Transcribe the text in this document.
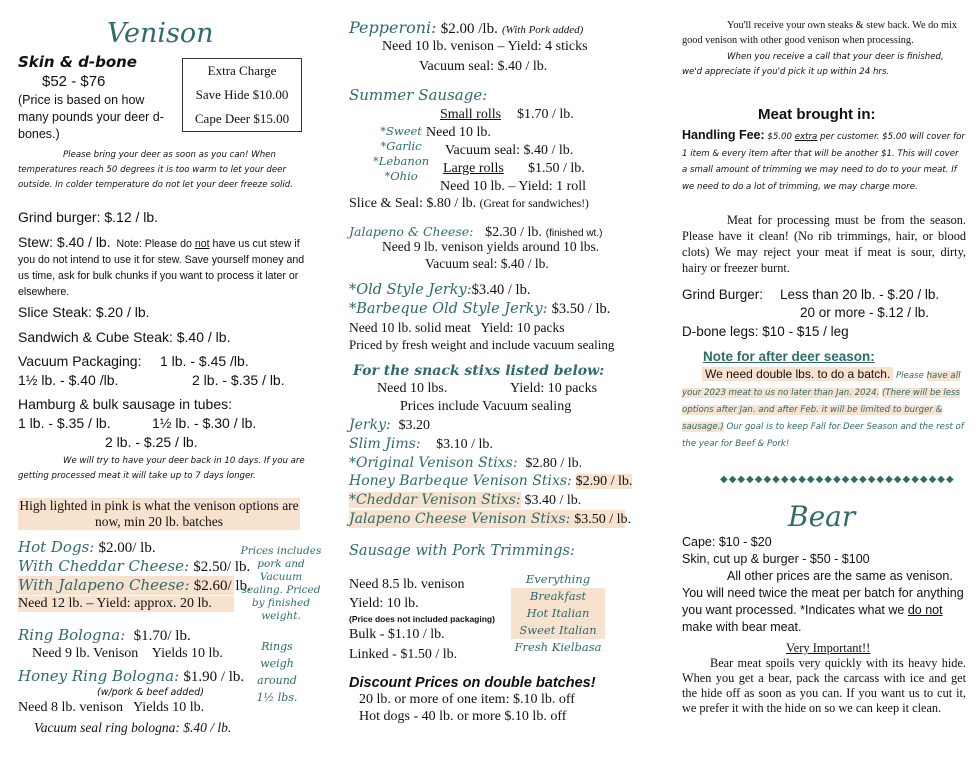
Venison
Skin & d-bone
$52 - $76
(Price is based on how many pounds your deer d-bones.)
Extra Charge
Save Hide $10.00
Cape Deer $15.00
Please bring your deer as soon as you can! When temperatures reach 50 degrees it is too warm to let your deer outside. In colder temperature do not let your deer freeze solid.
Grind burger: $.12 / lb.
Stew: $.40 / lb. Note: Please do not have us cut stew if you do not intend to use it for stew. Save yourself money and us time, ask for bulk chunks if you want to process it later or elsewhere.
Slice Steak: $.20 / lb.
Sandwich & Cube Steak: $.40 / lb.
Vacuum Packaging: 1 lb. - $.45 /lb.
1½ lb. - $.40 /lb.	2 lb. - $.35 / lb.
Hamburg & bulk sausage in tubes:
1 lb. - $.35 / lb.	1½ lb. - $.30 / lb.
2 lb. - $.25 / lb.
We will try to have your deer back in 10 days. If you are getting processed meat it will take up to 7 days longer.
High lighted in pink is what the venison options are now, min 20 lb. batches
Hot Dogs: $2.00/ lb.
With Cheddar Cheese: $2.50/ lb.
With Jalapeno Cheese: $2.60/ lb.
Need 12 lb. – Yield: approx. 20 lb.
Prices includes pork and Vacuum sealing. Priced by finished weight.
Ring Bologna: $1.70/ lb.
Need 9 lb. Venison    Yields 10 lb.
Honey Ring Bologna: $1.90 / lb.
(w/pork & beef added)
Need 8 lb. venison   Yields 10 lb.
Vacuum seal ring bologna: $.40 / lb.
Rings weigh around 1½ lbs.
Pepperoni: $2.00 /lb. (With Pork added)
Need 10 lb. venison – Yield: 4 sticks
Vacuum seal: $.40 / lb.
Summer Sausage:
*Sweet
*Garlic
*Lebanon
*Ohio
Small rolls $1.70 / lb.
Need 10 lb.
Vacuum seal: $.40 / lb.
Large rolls $1.50 / lb.
Need 10 lb. – Yield: 1 roll
Slice & Seal: $.80 / lb. (Great for sandwiches!)
Jalapeno & Cheese: $2.30 / lb. (finished wt.)
Need 9 lb. venison yields around 10 lbs.
Vacuum seal: $.40 / lb.
*Old Style Jerky:$3.40 / lb.
*Barbeque Old Style Jerky: $3.50 / lb.
Need 10 lb. solid meat   Yield: 10 packs
Priced by fresh weight and include vacuum sealing
For the snack stixs listed below:
Need 10 lbs.	Yield: 10 packs
Prices include Vacuum sealing
Jerky: $3.20
Slim Jims: $3.10 / lb.
*Original Venison Stixs: $2.80 / lb.
Honey Barbeque Venison Stixs: $2.90 / lb.
*Cheddar Venison Stixs: $3.40 / lb.
Jalapeno Cheese Venison Stixs: $3.50 / lb.
Sausage with Pork Trimmings:
Need 8.5 lb. venison
Yield: 10 lb.
(Price does not included packaging)
Bulk - $1.10 / lb.
Linked - $1.50 / lb.
Everything
Breakfast
Hot Italian
Sweet Italian
Fresh Kielbasa
Discount Prices on double batches!
20 lb. or more of one item: $.10 lb. off
Hot dogs - 40 lb. or more $.10 lb. off
You'll receive your own steaks & stew back. We do mix good venison with other good venison when processing.
When you receive a call that your deer is finished, we'd appreciate if you'd pick it up within 24 hrs.
Meat brought in:
Handling Fee: $5.00 extra per customer. $5.00 will cover for 1 item & every item after that will be another $1. This will cover a small amount of trimming we may need to do to your meat. If we need to do a lot of trimming, we may charge more.
Meat for processing must be from the season. Please have it clean! (No rib trimmings, hair, or blood clots) We may reject your meat if meat is sour, dirty, hairy or freezer burnt.
Grind Burger: Less than 20 lb. - $.20 / lb.
20 or more - $.12 / lb.
D-bone legs: $10 - $15 / leg
Note for after deer season:
We need double lbs. to do a batch. Please have all your 2023 meat to us no later than Jan. 2024. (There will be less options after Jan. and after Feb. it will be limited to burger & sausage.) Our goal is to keep Fall for Deer Season and the rest of the year for Beef & Pork!
◆◆◆◆◆◆◆◆◆◆◆◆◆◆◆◆◆◆◆◆◆◆◆◆◆◆◆
Bear
Cape: $10 - $20
Skin, cut up & burger - $50 - $100
All other prices are the same as venison.
You will need twice the meat per batch for anything you want processed. *Indicates what we do not make with bear meat.
Very Important!!
Bear meat spoils very quickly with its heavy hide. When you get a bear, pack the carcass with ice and get the hide off as soon as you can. If you want us to cut it, we prefer it with the hide on so we can keep it clean.
